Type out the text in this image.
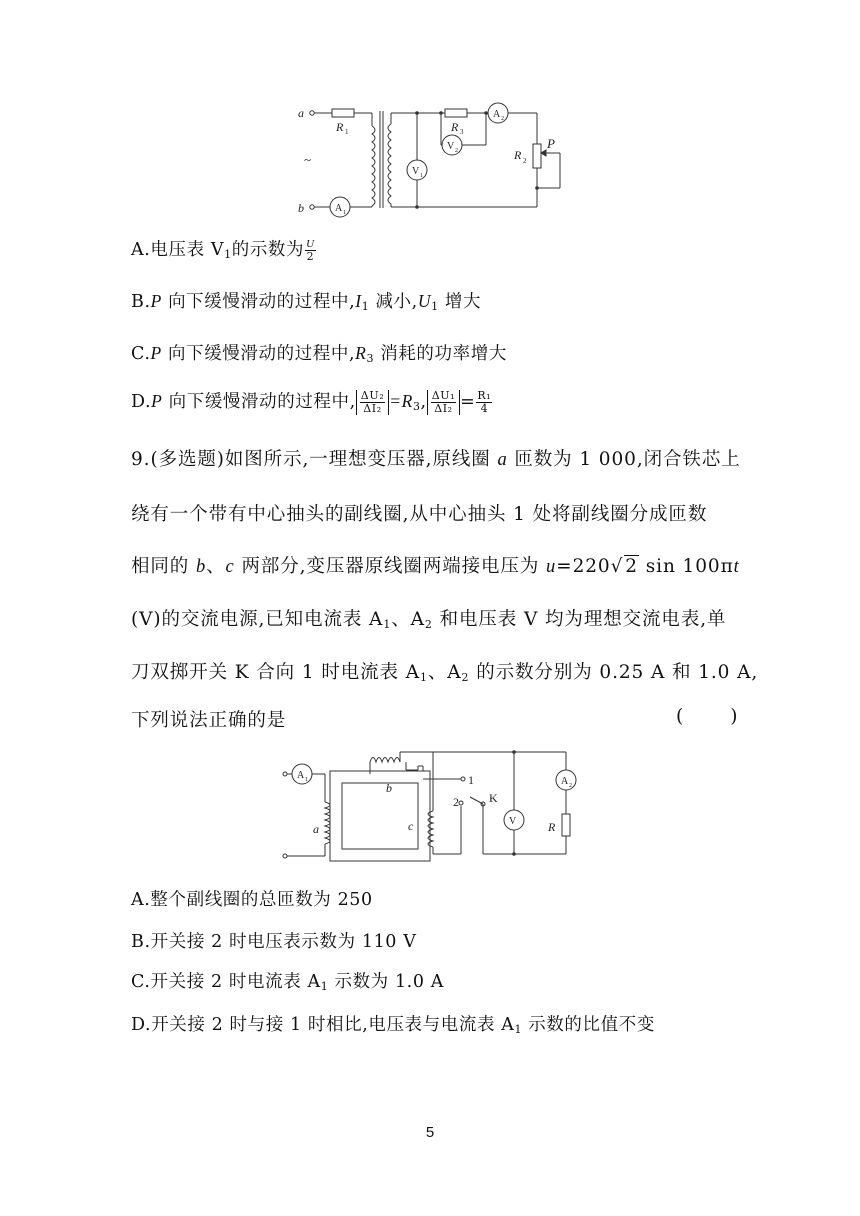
a
b
~
R 1	R 3
R 2
P
A 1
A 2
V 1
V 2
A.电压表 $V_1$的示数为 $\frac{U}{2}$
B.P 向下缓慢滑动的过程中$,I_1$ 减小$,U_1$ 增大
C.P 向下缓慢滑动的过程中$,R_3$ 消耗的功率增大
D.P 向下缓慢滑动的过程中, $\frac{\text{ΔU₂}}{\text{ΔI₂}} =R_3$, $\frac{\text{ΔU₁}}{\text{ΔI₂}} = \frac{\text{R₁}}{4}$
9.(多选题)如图所示,一理想变压器,原线圈 a 匝数为 1 000,闭合铁芯上
绕有一个带有中心抽头的副线圈,从中心抽头 1 处将副线圈分成匝数
相同的 b、c 两部分,变压器原线圈两端接电压为 u=220√ 2 sin 100πt
(V)的交流电源,已知电流表 $A_1$、$A_2$ 和电压表 V 均为理想交流电表,单
刀双掷开关 K 合向 1 时电流表 $A_1$、$A_2$ 的示数分别为 0.25 A 和 1.0 A,
下列说法正确的是	(        )
A 1	A 2
V
a
b
c
1
2	K
R
A.整个副线圈的总匝数为 250
B.开关接 2 时电压表示数为 110 V
C.开关接 2 时电流表 $A_1$ 示数为 1.0 A
D.开关接 2 时与接 1 时相比,电压表与电流表 $A_1$ 示数的比值不变
5
